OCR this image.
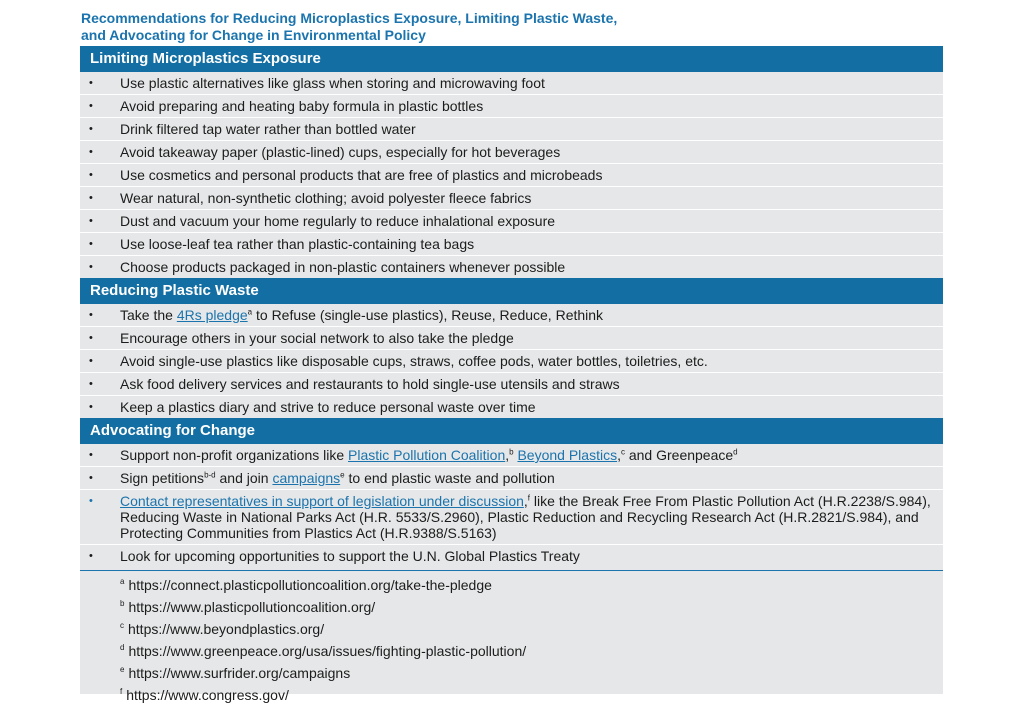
Recommendations for Reducing Microplastics Exposure, Limiting Plastic Waste,
and Advocating for Change in Environmental Policy
Limiting Microplastics Exposure
• Use plastic alternatives like glass when storing and microwaving foot
• Avoid preparing and heating baby formula in plastic bottles
• Drink filtered tap water rather than bottled water
• Avoid takeaway paper (plastic-lined) cups, especially for hot beverages
• Use cosmetics and personal products that are free of plastics and microbeads
• Wear natural, non-synthetic clothing; avoid polyester fleece fabrics
• Dust and vacuum your home regularly to reduce inhalational exposure
• Use loose-leaf tea rather than plastic-containing tea bags
• Choose products packaged in non-plastic containers whenever possible
Reducing Plastic Waste
• Take the 4Rs pledge$^a$ to Refuse (single-use plastics), Reuse, Reduce, Rethink
• Encourage others in your social network to also take the pledge
• Avoid single-use plastics like disposable cups, straws, coffee pods, water bottles, toiletries, etc.
• Ask food delivery services and restaurants to hold single-use utensils and straws
• Keep a plastics diary and strive to reduce personal waste over time
Advocating for Change
• Support non-profit organizations like Plastic Pollution Coalition,$^b$ Beyond Plastics,$^c$ and Greenpeace$^d$
• Sign petitions$^{b-d}$ and join campaigns$^e$ to end plastic waste and pollution
• Contact representatives in support of legislation under discussion,$^f$ like the Break Free From Plastic Pollution Act (H.R.2238/S.984), Reducing Waste in National Parks Act (H.R. 5533/S.2960), Plastic Reduction and Recycling Research Act (H.R.2821/S.984), and Protecting Communities from Plastics Act (H.R.9388/S.5163)
• Look for upcoming opportunities to support the U.N. Global Plastics Treaty
$^a$ https://connect.plasticpollutioncoalition.org/take-the-pledge
$^b$ https://www.plasticpollutioncoalition.org/
$^c$ https://www.beyondplastics.org/
$^d$ https://www.greenpeace.org/usa/issues/fighting-plastic-pollution/
$^e$ https://www.surfrider.org/campaigns
$^f$ https://www.congress.gov/
